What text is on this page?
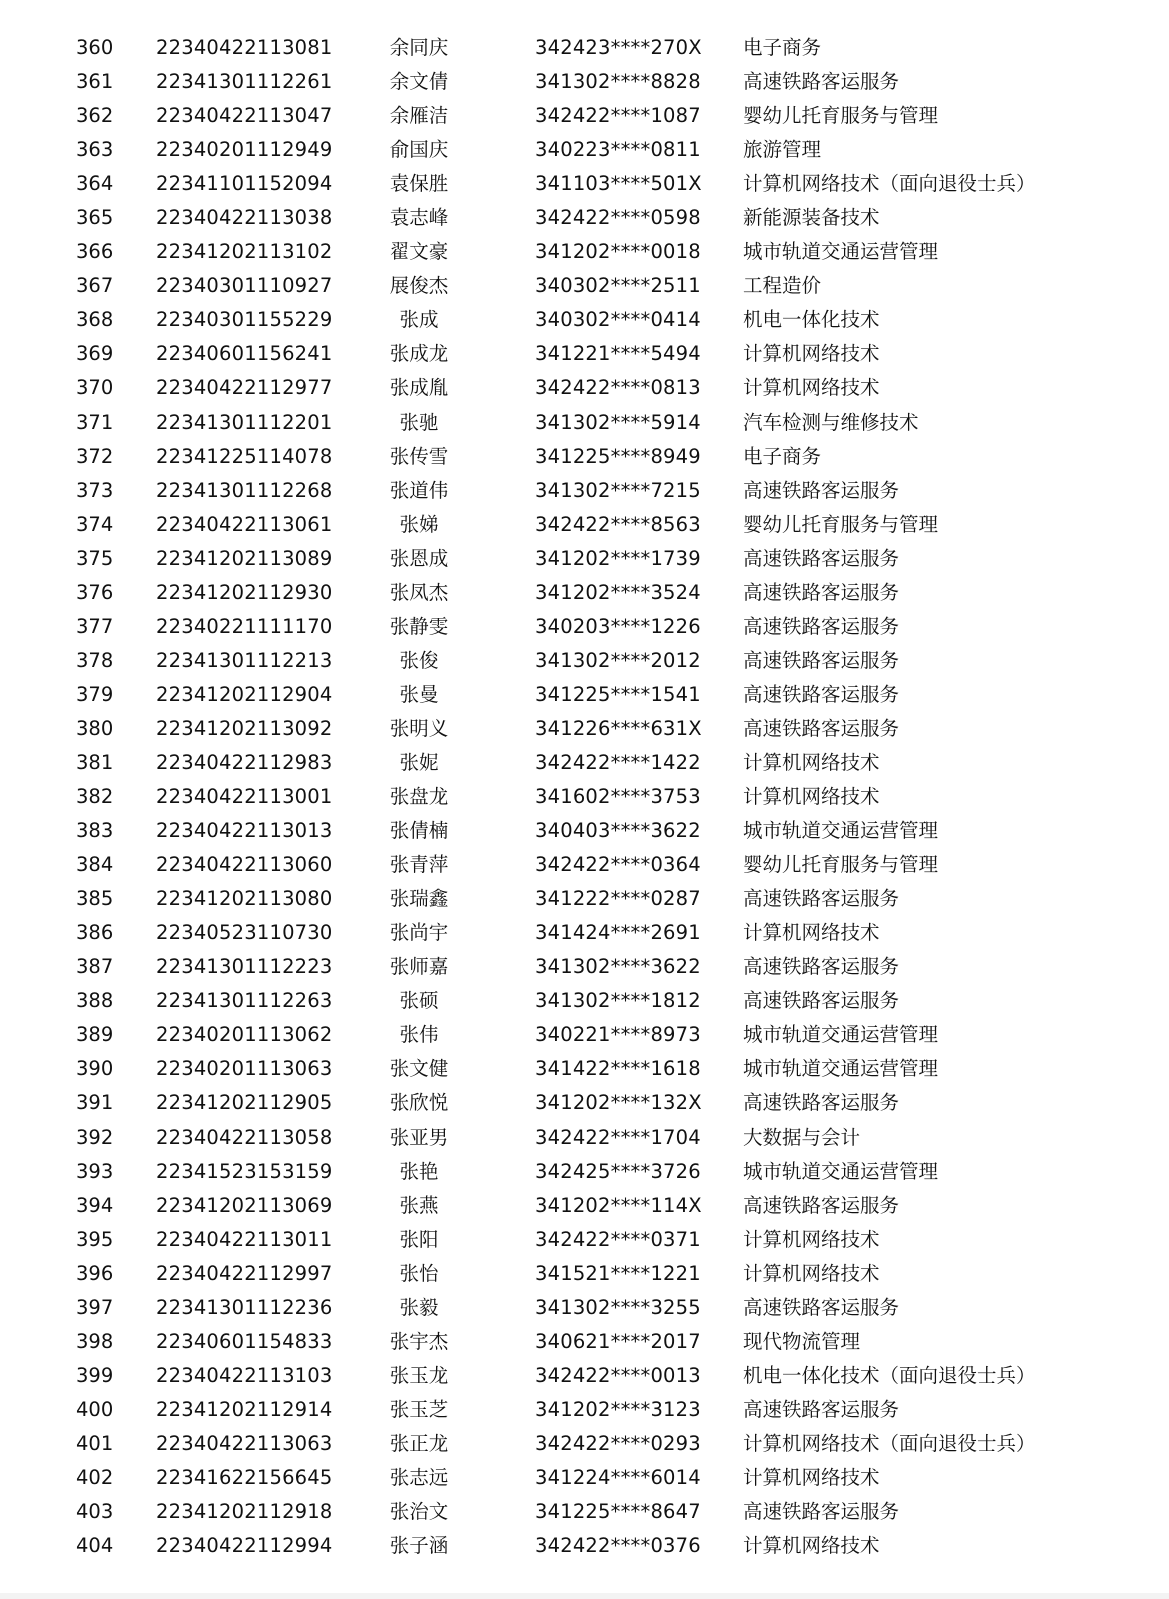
360 22340422113081	余同庆	342423****270X 电子商务
361 22341301112261	余文倩	341302****8828 高速铁路客运服务
362 22340422113047	余雁洁	342422****1087 婴幼儿托育服务与管理
363 22340201112949	俞国庆	340223****0811 旅游管理
364 22341101152094	袁保胜	341103****501X 计算机网络技术（面向退役士兵）
365 22340422113038	袁志峰	342422****0598 新能源装备技术
366 22341202113102	翟文豪	341202****0018 城市轨道交通运营管理
367 22340301110927	展俊杰	340302****2511 工程造价
368 22340301155229	张成	340302****0414 机电一体化技术
369 22340601156241	张成龙	341221****5494 计算机网络技术
370 22340422112977	张成胤	342422****0813 计算机网络技术
371 22341301112201	张驰	341302****5914 汽车检测与维修技术
372 22341225114078	张传雪	341225****8949 电子商务
373 22341301112268	张道伟	341302****7215 高速铁路客运服务
374 22340422113061	张娣	342422****8563 婴幼儿托育服务与管理
375 22341202113089	张恩成	341202****1739 高速铁路客运服务
376 22341202112930	张凤杰	341202****3524 高速铁路客运服务
377 22340221111170	张静雯	340203****1226 高速铁路客运服务
378 22341301112213	张俊	341302****2012 高速铁路客运服务
379 22341202112904	张曼	341225****1541 高速铁路客运服务
380 22341202113092	张明义	341226****631X 高速铁路客运服务
381 22340422112983	张妮	342422****1422 计算机网络技术
382 22340422113001	张盘龙	341602****3753 计算机网络技术
383 22340422113013	张倩楠	340403****3622 城市轨道交通运营管理
384 22340422113060	张青萍	342422****0364 婴幼儿托育服务与管理
385 22341202113080	张瑞鑫	341222****0287 高速铁路客运服务
386 22340523110730	张尚宇	341424****2691 计算机网络技术
387 22341301112223	张师嘉	341302****3622 高速铁路客运服务
388 22341301112263	张硕	341302****1812 高速铁路客运服务
389 22340201113062	张伟	340221****8973 城市轨道交通运营管理
390 22340201113063	张文健	341422****1618 城市轨道交通运营管理
391 22341202112905	张欣悦	341202****132X 高速铁路客运服务
392 22340422113058	张亚男	342422****1704 大数据与会计
393 22341523153159	张艳	342425****3726 城市轨道交通运营管理
394 22341202113069	张燕	341202****114X 高速铁路客运服务
395 22340422113011	张阳	342422****0371 计算机网络技术
396 22340422112997	张怡	341521****1221 计算机网络技术
397 22341301112236	张毅	341302****3255 高速铁路客运服务
398 22340601154833	张宇杰	340621****2017 现代物流管理
399 22340422113103	张玉龙	342422****0013 机电一体化技术（面向退役士兵）
400 22341202112914	张玉芝	341202****3123 高速铁路客运服务
401 22340422113063	张正龙	342422****0293 计算机网络技术（面向退役士兵）
402 22341622156645	张志远	341224****6014 计算机网络技术
403 22341202112918	张治文	341225****8647 高速铁路客运服务
404 22340422112994	张子涵	342422****0376 计算机网络技术
